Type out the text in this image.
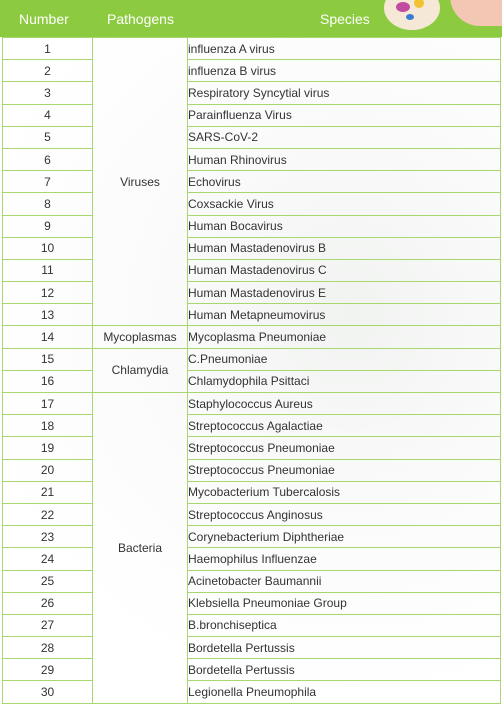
Number	Pathogens	Species
1	Viruses	influenza A virus
2		influenza B virus
3		Respiratory Syncytial virus
4		Parainfluenza Virus
5		SARS-CoV-2
6		Human Rhinovirus
7		Echovirus
8		Coxsackie Virus
9		Human Bocavirus
10		Human Mastadenovirus B
11		Human Mastadenovirus C
12		Human Mastadenovirus E
13		Human Metapneumovirus
14	Mycoplasmas	Mycoplasma Pneumoniae
15	Chlamydia	C.Pneumoniae
16		Chlamydophila Psittaci
17	Bacteria	Staphylococcus Aureus
18		Streptococcus Agalactiae
19		Streptococcus Pneumoniae
20		Streptococcus Pneumoniae
21		Mycobacterium Tubercalosis
22		Streptococcus Anginosus
23		Corynebacterium Diphtheriae
24		Haemophilus Influenzae
25		Acinetobacter Baumannii
26		Klebsiella Pneumoniae Group
27		B.bronchiseptica
28		Bordetella Pertussis
29		Bordetella Pertussis
30		Legionella Pneumophila
